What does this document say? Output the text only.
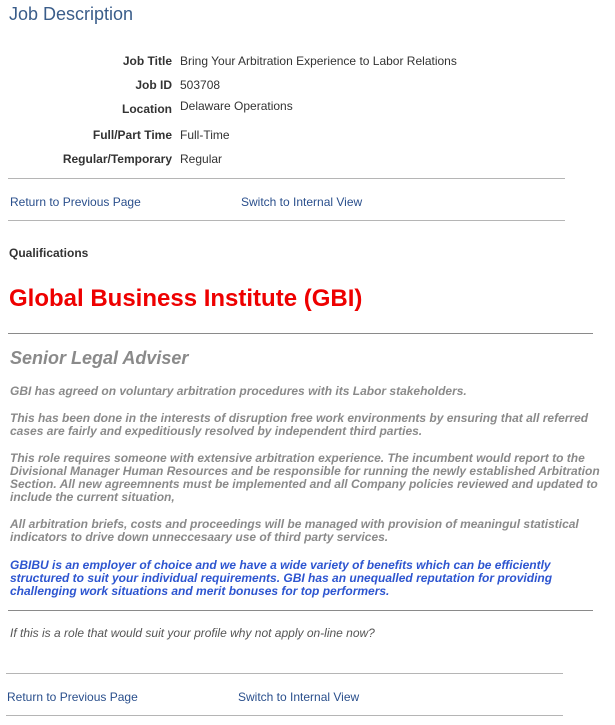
Job Description
Job Title Bring Your Arbitration Experience to Labor Relations
Job ID 503708
Location Delaware Operations
Full/Part Time Full-Time
Regular/Temporary Regular
Return to Previous Page	Switch to Internal View
Qualifications
Global Business Institute (GBI)
Senior Legal Adviser
GBI has agreed on voluntary arbitration procedures with its Labor stakeholders.
This has been done in the interests of disruption free work environments by ensuring that all referred cases are fairly and expeditiously resolved by independent third parties.
This role requires someone with extensive arbitration experience. The incumbent would report to the Divisional Manager Human Resources and be responsible for running the newly established Arbitration Section. All new agreemnents must be implemented and all Company policies reviewed and updated to include the current situation,
All arbitration briefs, costs and proceedings will be managed with provision of meaningul statistical indicators to drive down unneccesaary use of third party services.
GBIBU is an employer of choice and we have a wide variety of benefits which can be efficiently structured to suit your individual requirements. GBI has an unequalled reputation for providing challenging work situations and merit bonuses for top performers.
If this is a role that would suit your profile why not apply on-line now?
Return to Previous Page	Switch to Internal View
